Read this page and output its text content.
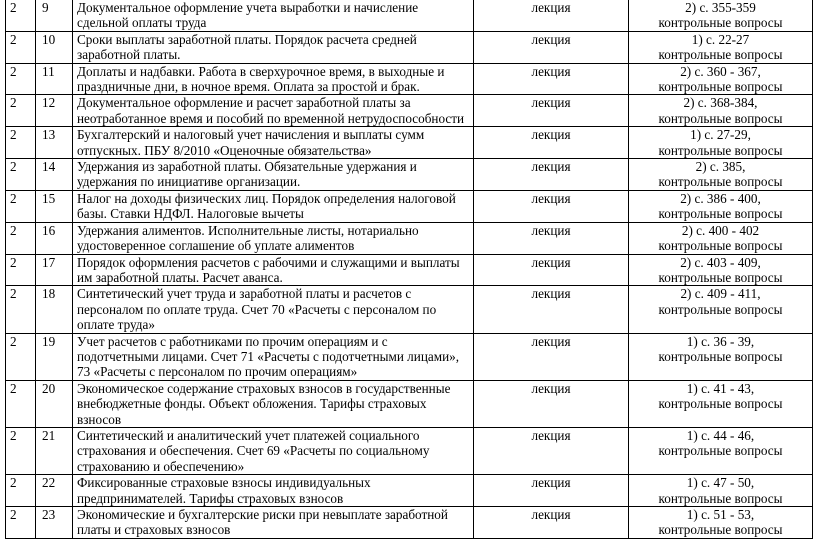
2	9	Документальное оформление учета выработки и начисление сдельной оплаты труда	лекция	2) с. 355-359
контрольные вопросы

2	10	Сроки выплаты заработной платы. Порядок расчета средней заработной платы.	лекция	1) с. 22-27
контрольные вопросы

2	11	Доплаты и надбавки. Работа в сверхурочное время, в выходные и праздничные дни, в ночное время. Оплата за простой и брак.	лекция	2) с. 360 - 367,
контрольные вопросы

2	12	Документальное оформление и расчет заработной платы за неотработанное время и пособий по временной нетрудоспособности	лекция	2) с. 368-384,
контрольные вопросы

2	13	Бухгалтерский и налоговый учет начисления и выплаты сумм отпускных. ПБУ 8/2010 «Оценочные обязательства»	лекция	1) с. 27-29,
контрольные вопросы

2	14	Удержания из заработной платы. Обязательные удержания и удержания по инициативе организации.	лекция	2) с. 385,
контрольные вопросы

2	15	Налог на доходы физических лиц. Порядок определения налоговой базы. Ставки НДФЛ. Налоговые вычеты	лекция	2) с. 386 - 400,
контрольные вопросы

2	16	Удержания алиментов. Исполнительные листы, нотариально удостоверенное соглашение об уплате алиментов	лекция	2) с. 400 - 402
контрольные вопросы

2	17	Порядок оформления расчетов с рабочими и служащими и выплаты им заработной платы. Расчет аванса.	лекция	2) с. 403 - 409,
контрольные вопросы

2	18	Синтетический учет труда и заработной платы и расчетов с персоналом по оплате труда. Счет 70 «Расчеты с персоналом по оплате труда»	лекция	2) с. 409 - 411,
контрольные вопросы

2	19	Учет расчетов с работниками по прочим операциям и с подотчетными лицами. Счет 71 «Расчеты с подотчетными лицами», 73 «Расчеты с персоналом по прочим операциям»	лекция	1) с. 36 - 39,
контрольные вопросы

2	20	Экономическое содержание страховых взносов в государственные внебюджетные фонды. Объект обложения. Тарифы страховых взносов	лекция	1) с. 41 - 43,
контрольные вопросы

2	21	Синтетический и аналитический учет платежей социального страхования и обеспечения. Счет 69 «Расчеты по социальному страхованию и обеспечению»	лекция	1) с. 44 - 46,
контрольные вопросы

2	22	Фиксированные страховые взносы индивидуальных предпринимателей. Тарифы страховых взносов	лекция	1) с. 47 - 50,
контрольные вопросы

2	23	Экономические и бухгалтерские риски при невыплате заработной платы и страховых взносов	лекция	1) с. 51 - 53,
контрольные вопросы
